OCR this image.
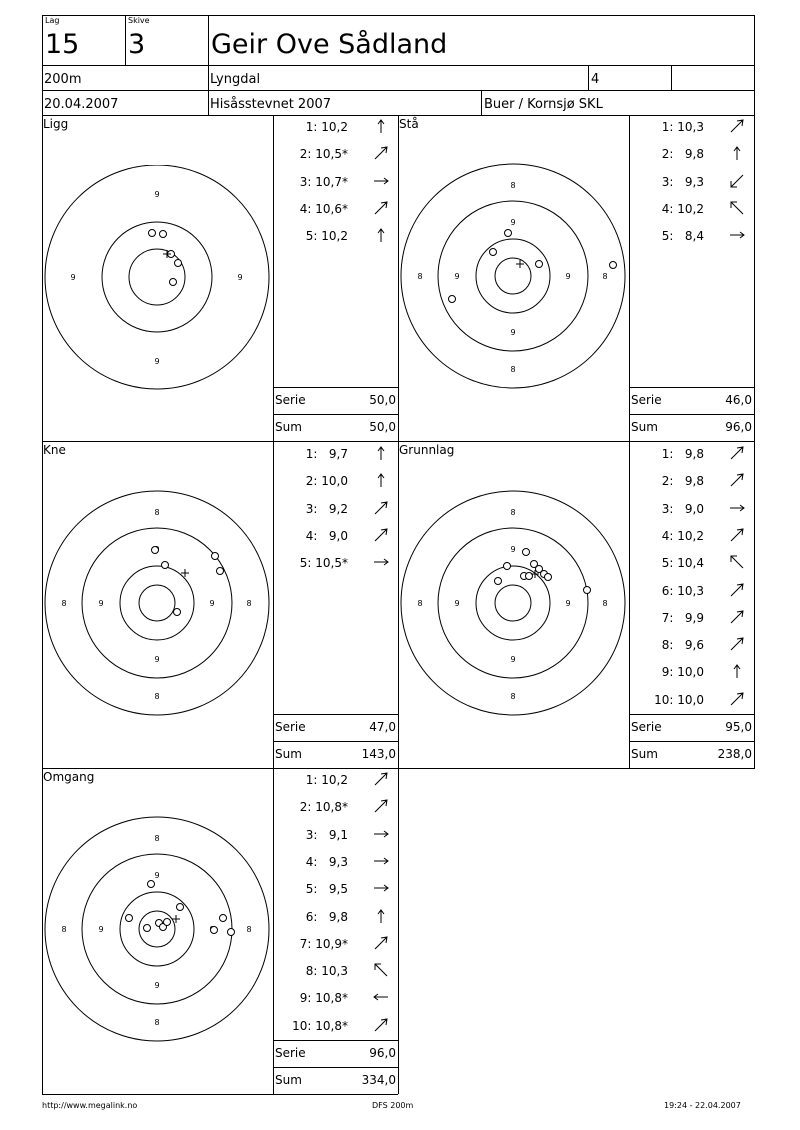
Lag
15
Skive
3 Geir Ove Sådland
200m	Lyngdal	4
20.04.2007	Hisåsstevnet 2007	Buer / Kornsjø SKL
Ligg	Stå
Kne	Grunnlag
Omgang
9
9
9	9
8
8
8	8
9
9
9	9
8
8
8	8
9
9	9
8
8
8	8
9
9
9	9
8
8
8	8
9
9
9
1: 10,2
2: 10,5*
3: 10,7*
4: 10,6*
5: 10,2
1: 10,3
2:   9,8
3:   9,3
4: 10,2
5:   8,4
1:   9,7
2: 10,0
3:   9,2
4:   9,0
5: 10,5*
1:   9,8
2:   9,8
3:   9,0
4: 10,2
5: 10,4
6: 10,3
7:   9,9
8:   9,6
9: 10,0
10: 10,0
1: 10,2
2: 10,8*
3:   9,1
4:   9,3
5:   9,5
6:   9,8
7: 10,9*
8: 10,3
9: 10,8*
10: 10,8*
Serie	50,0
Sum	50,0
Serie	46,0
Sum	96,0
Serie	47,0
Sum	143,0
Serie	95,0
Sum	238,0
Serie	96,0
Sum	334,0
http://www.megalink.no	DFS 200m	19:24 - 22.04.2007
